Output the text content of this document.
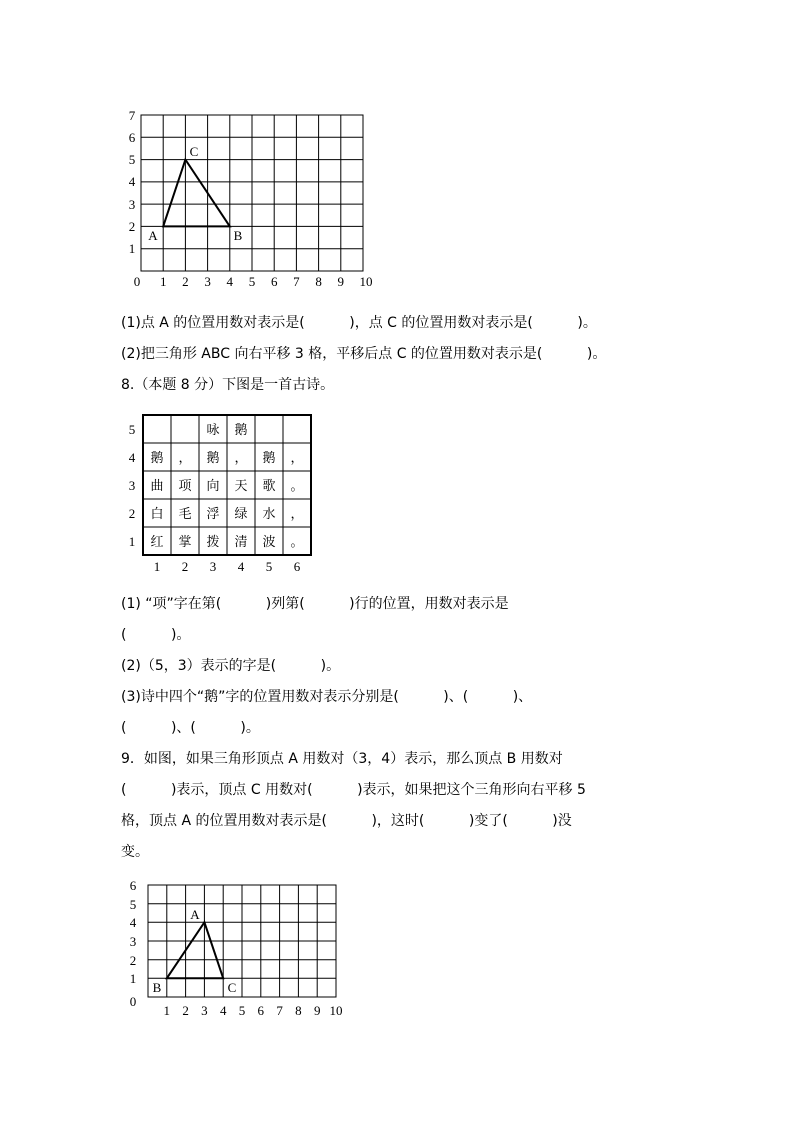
0 1 2 3 4 5 6 7 8 9 10
1
2
3
4
5
6
7
A	B
C
(1)点 A 的位置用数对表示是(          )，点 C 的位置用数对表示是(          )。
(2)把三角形 ABC 向右平移 3 格，平移后点 C 的位置用数对表示是(          )。
8.（本题 8 分）下图是一首古诗。
5
4
3
2
1
1 2 3 4 5 6
咏 鹅
鹅 ， 鹅 ， 鹅 ，
曲 项 向 天 歌 。
白 毛 浮 绿 水 ，
红 掌 拨 清 波 。
(1) “项”字在第(          )列第(          )行的位置，用数对表示是
(          )。
(2)（5，3）表示的字是(          )。
(3)诗中四个“鹅”字的位置用数对表示分别是(          )、(          )、
(          )、(          )。
9．如图，如果三角形顶点 A 用数对（3，4）表示，那么顶点 B 用数对
(          )表示，顶点 C 用数对(          )表示，如果把这个三角形向右平移 5
格，顶点 A 的位置用数对表示是(          )，这时(          )变了(          )没
变。
1 2 3 4 5 6 7 8 9 10
0
1
2
3
4
5
6
A
B	C
